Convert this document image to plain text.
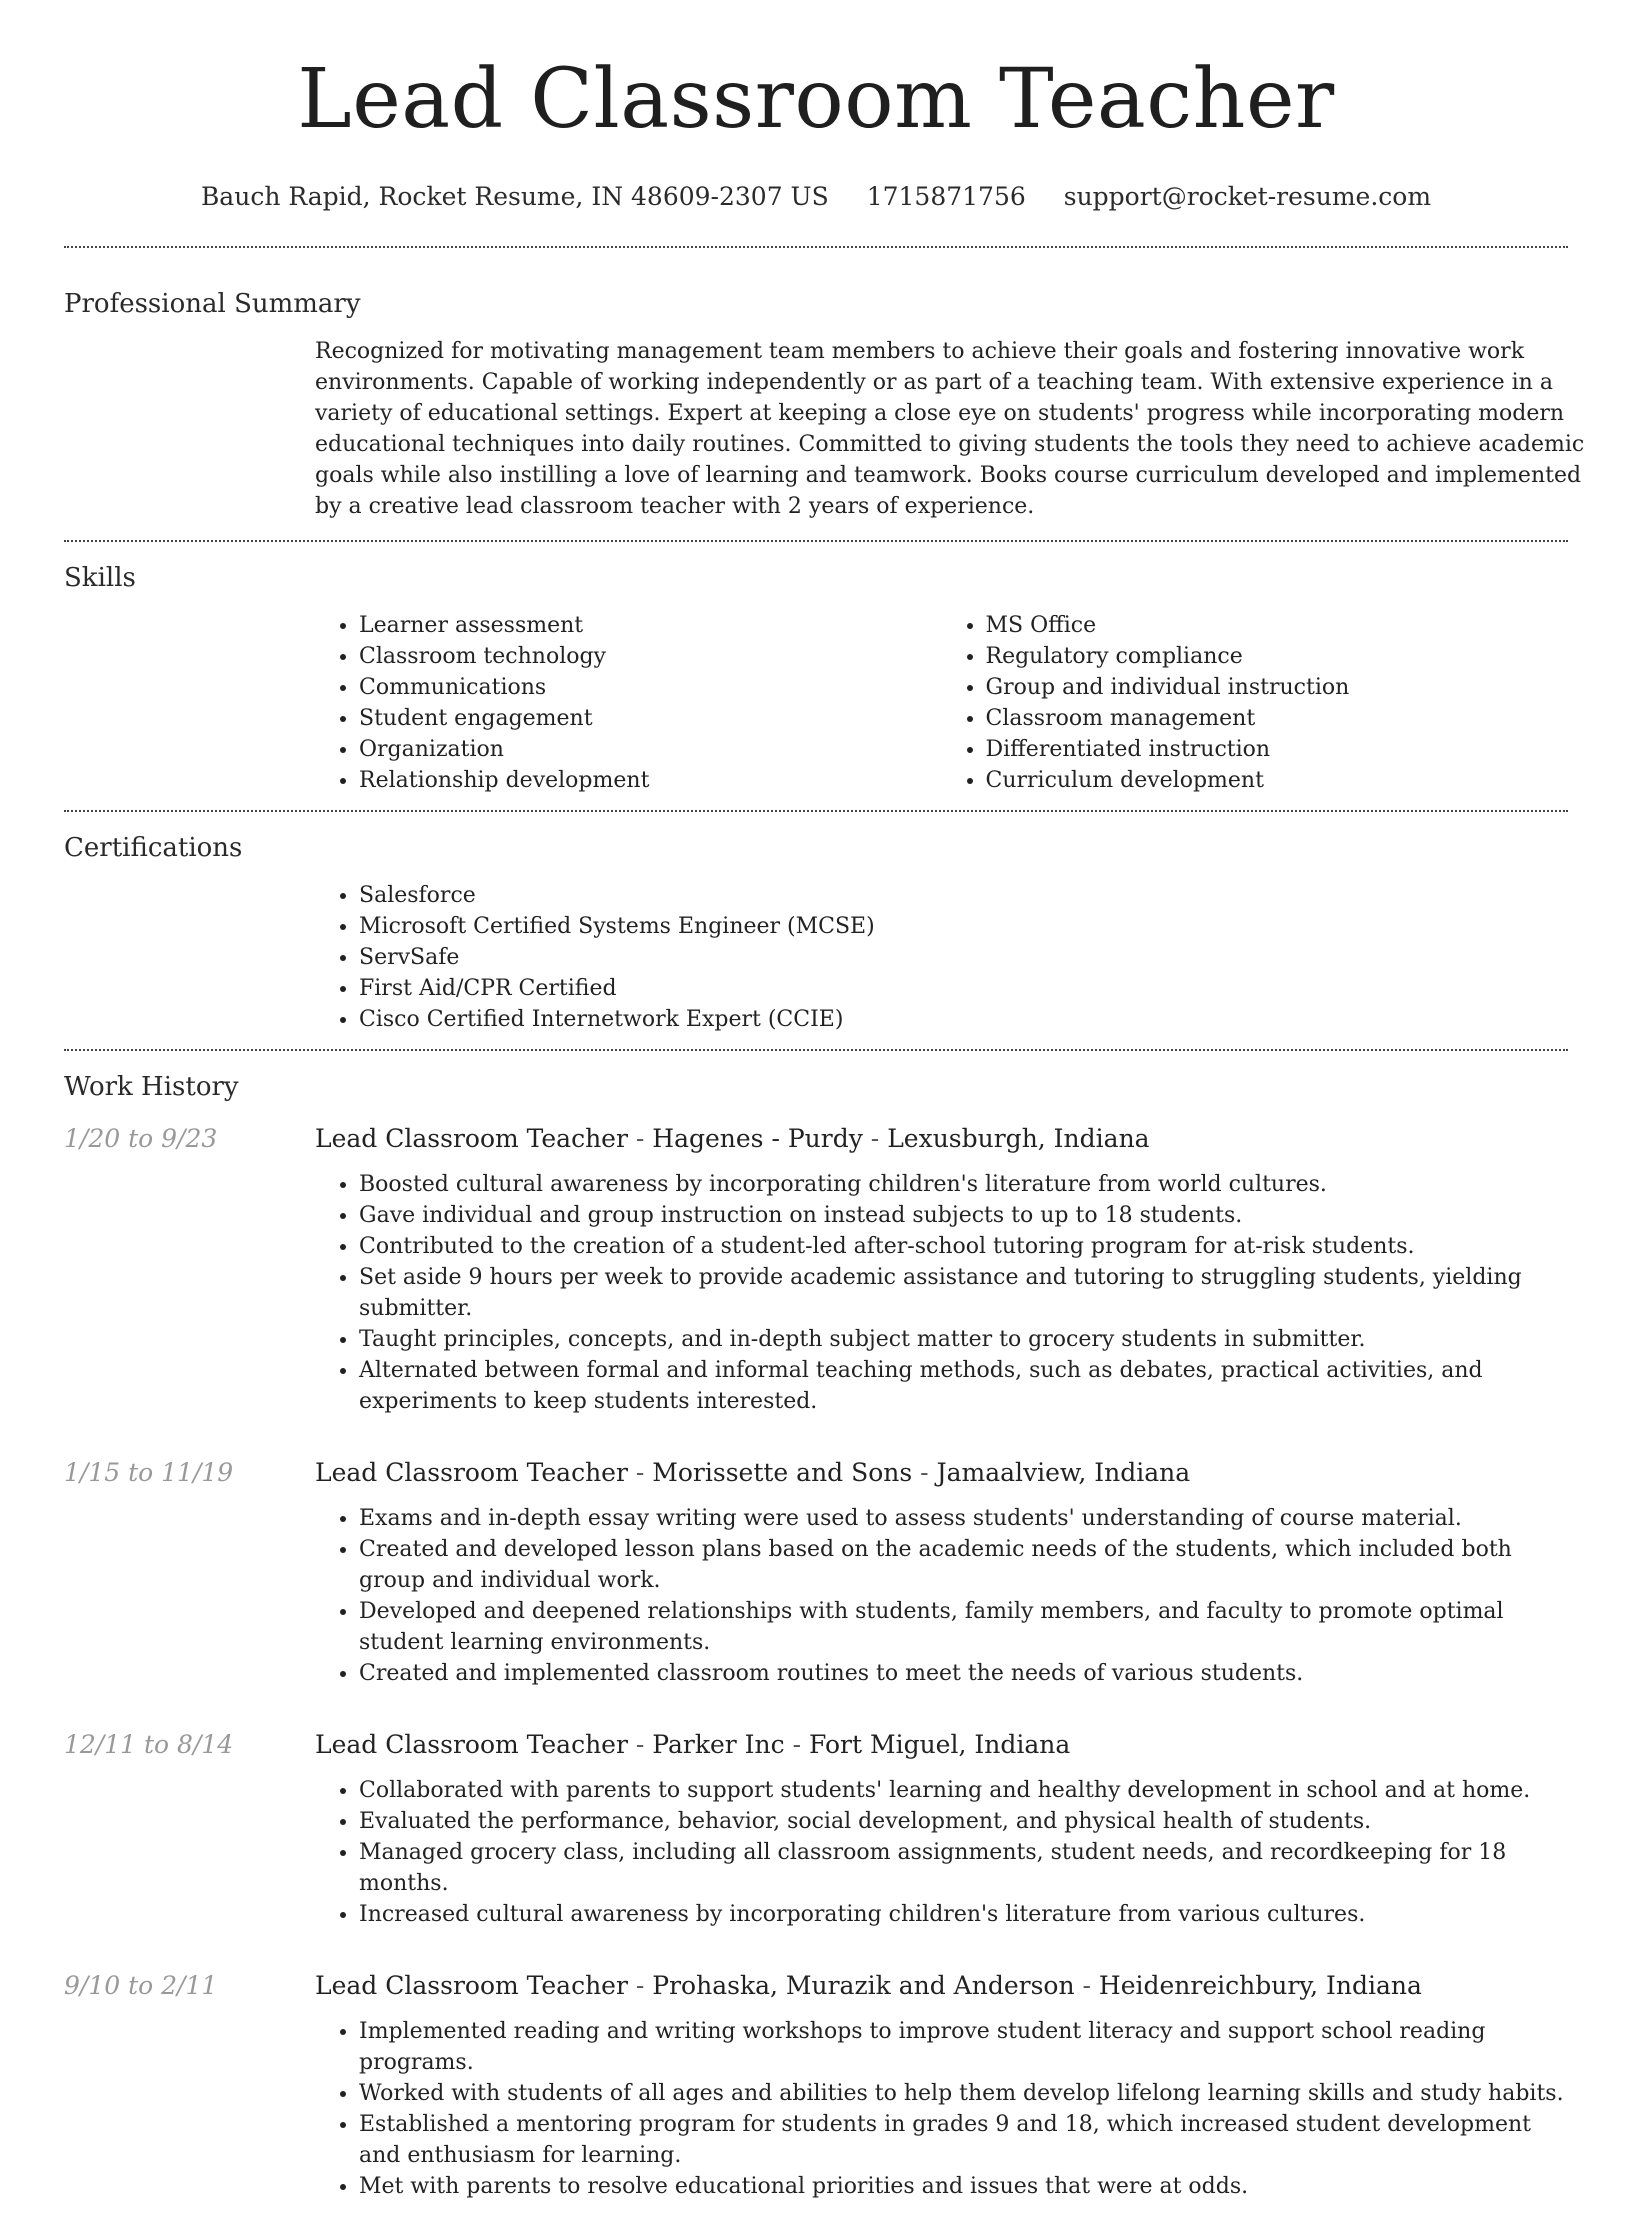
Lead Classroom Teacher
Bauch Rapid, Rocket Resume, IN 48609-2307 US 1715871756 support@rocket-resume.com
Professional Summary

Recognized for motivating management team members to achieve their goals and fostering innovative work environments. Capable of working independently or as part of a teaching team. With extensive experience in a variety of educational settings. Expert at keeping a close eye on students' progress while incorporating modern educational techniques into daily routines. Committed to giving students the tools they need to achieve academic goals while also instilling a love of learning and teamwork. Books course curriculum developed and implemented by a creative lead classroom teacher with 2 years of experience.

Skills
• Learner assessment
• Classroom technology
• Communications
• Student engagement
• Organization
• Relationship development
• MS Office
• Regulatory compliance
• Group and individual instruction
• Classroom management
• Differentiated instruction
• Curriculum development
Certifications
• Salesforce
• Microsoft Certified Systems Engineer (MCSE)
• ServSafe
• First Aid/CPR Certified
• Cisco Certified Internetwork Expert (CCIE)
Work History
1/20 to 9/23	Lead Classroom Teacher - Hagenes - Purdy - Lexusburgh, Indiana
• Boosted cultural awareness by incorporating children's literature from world cultures.
• Gave individual and group instruction on instead subjects to up to 18 students.
• Contributed to the creation of a student-led after-school tutoring program for at-risk students.
• Set aside 9 hours per week to provide academic assistance and tutoring to struggling students, yielding submitter.
• Taught principles, concepts, and in-depth subject matter to grocery students in submitter.
• Alternated between formal and informal teaching methods, such as debates, practical activities, and experiments to keep students interested.
1/15 to 11/19	Lead Classroom Teacher - Morissette and Sons - Jamaalview, Indiana
• Exams and in-depth essay writing were used to assess students' understanding of course material.
• Created and developed lesson plans based on the academic needs of the students, which included both group and individual work.
• Developed and deepened relationships with students, family members, and faculty to promote optimal student learning environments.
• Created and implemented classroom routines to meet the needs of various students.
12/11 to 8/14	Lead Classroom Teacher - Parker Inc - Fort Miguel, Indiana
• Collaborated with parents to support students' learning and healthy development in school and at home.
• Evaluated the performance, behavior, social development, and physical health of students.
• Managed grocery class, including all classroom assignments, student needs, and recordkeeping for 18 months.
• Increased cultural awareness by incorporating children's literature from various cultures.
9/10 to 2/11	Lead Classroom Teacher - Prohaska, Murazik and Anderson - Heidenreichbury, Indiana
• Implemented reading and writing workshops to improve student literacy and support school reading programs.
• Worked with students of all ages and abilities to help them develop lifelong learning skills and study habits.
• Established a mentoring program for students in grades 9 and 18, which increased student development and enthusiasm for learning.
• Met with parents to resolve educational priorities and issues that were at odds.
